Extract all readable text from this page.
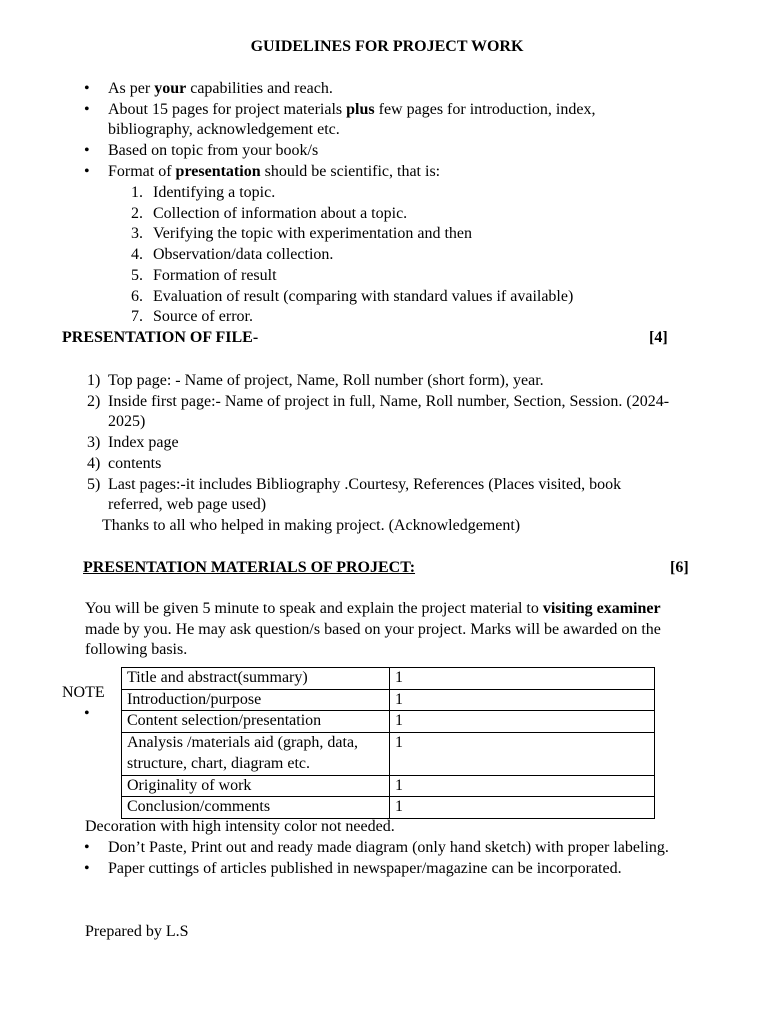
GUIDELINES FOR PROJECT WORK
• As per your capabilities and reach.
• About 15 pages for project materials plus few pages for introduction, index, bibliography, acknowledgement etc.
• Based on topic from your book/s
• Format of presentation should be scientific, that is:
1. Identifying a topic.
2. Collection of information about a topic.
3. Verifying the topic with experimentation and then
4. Observation/data collection.
5. Formation of result
6. Evaluation of result (comparing with standard values if available)
7. Source of error.
PRESENTATION OF FILE-	[4]
1) Top page: - Name of project, Name, Roll number (short form), year.
2) Inside first page:- Name of project in full, Name, Roll number, Section, Session. (2024-2025)
3) Index page
4) contents
5) Last pages:-it includes Bibliography .Courtesy, References (Places visited, book referred, web page used)
Thanks to all who helped in making project. (Acknowledgement)
PRESENTATION MATERIALS OF PROJECT:	[6]
You will be given 5 minute to speak and explain the project material to visiting examiner made by you. He may ask question/s based on your project. Marks will be awarded on the following basis.
NOTE
•
Title and abstract(summary)	1
Introduction/purpose	1
Content selection/presentation	1
Analysis /materials aid (graph, data, structure, chart, diagram etc.	1
Originality of work	1
Conclusion/comments	1
Decoration with high intensity color not needed.
• Don’t Paste, Print out and ready made diagram (only hand sketch) with proper labeling.
• Paper cuttings of articles published in newspaper/magazine can be incorporated.
Prepared by L.S
